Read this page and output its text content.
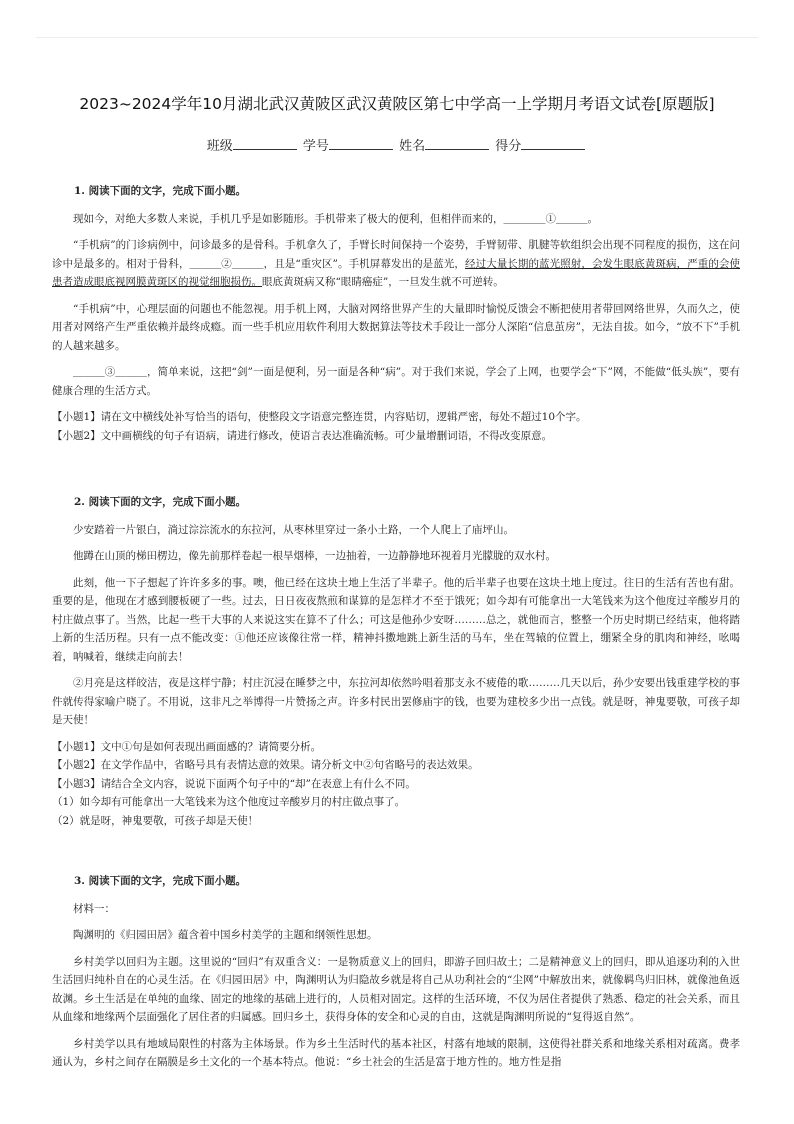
2023~2024学年10月湖北武汉黄陂区武汉黄陂区第七中学高一上学期月考语文试卷[原题版]
班级	学号	姓名	得分

1. 阅读下面的文字，完成下面小题。

现如今，对绝大多数人来说，手机几乎是如影随形。手机带来了极大的便利，但相伴而来的，＿＿＿＿①＿＿＿。

“手机病”的门诊病例中，问诊最多的是骨科。手机拿久了，手臂长时间保持一个姿势，手臂韧带、肌腱等软组织会出现不同程度的损伤，这在问诊中是最多的。相对于骨科，＿＿＿②＿＿＿，且是“重灾区”。手机屏幕发出的是蓝光，经过大量长期的蓝光照射，会发生眼底黄斑病，严重的会使患者造成眼底视网膜黄斑区的视觉细胞损伤。眼底黄斑病又称“眼睛癌症”，一旦发生就不可逆转。

“手机病”中，心理层面的问题也不能忽视。用手机上网，大脑对网络世界产生的大量即时愉悦反馈会不断把使用者带回网络世界，久而久之，使用者对网络产生严重依赖并最终成瘾。而一些手机应用软件利用大数据算法等技术手段让一部分人深陷“信息茧房”，无法自拔。如今，“放不下”手机的人越来越多。

＿＿＿③＿＿＿，简单来说，这把“剑”一面是便利，另一面是各种“病”。对于我们来说，学会了上网，也要学会“下”网，不能做“低头族”，要有健康合理的生活方式。

【小题1】请在文中横线处补写恰当的语句，使整段文字语意完整连贯，内容贴切，逻辑严密，每处不超过10个字。

【小题2】文中画横线的句子有语病，请进行修改，使语言表达准确流畅。可少量增删词语，不得改变原意。

2. 阅读下面的文字，完成下面小题。

少安踏着一片银白，淌过淙淙流水的东拉河，从枣林里穿过一条小土路，一个人爬上了庙坪山。

他蹲在山顶的梯田楞边，像先前那样卷起一根旱烟棒，一边抽着，一边静静地环视着月光朦胧的双水村。

此刻，他一下子想起了许许多多的事。噢，他已经在这块土地上生活了半辈子。他的后半辈子也要在这块土地上度过。往日的生活有苦也有甜。重要的是，他现在才感到腰板硬了一些。过去，日日夜夜熬煎和谋算的是怎样才不至于饿死；如今却有可能拿出一大笔钱来为这个他度过辛酸岁月的村庄做点事了。当然，比起一些干大事的人来说这实在算不了什么；可这是他孙少安呀………总之，就他而言，整整一个历史时期已经结束，他将踏上新的生活历程。只有一点不能改变：①他还应该像往常一样，精神抖擞地跳上新生活的马车，坐在驾辕的位置上，绷紧全身的肌肉和神经，吆喝着，呐喊着，继续走向前去！

②月亮是这样皎洁，夜是这样宁静；村庄沉浸在睡梦之中，东拉河却依然吟唱着那支永不疲倦的歌………几天以后，孙少安要出钱重建学校的事件就传得家喻户晓了。不用说，这非凡之举博得一片赞扬之声。许多村民出罢修庙宇的钱，也要为建校多少出一点钱。就是呀，神鬼要敬，可孩子却是天使！

【小题1】文中①句是如何表现出画面感的？请简要分析。

【小题2】在文学作品中，省略号具有表情达意的效果。请分析文中②句省略号的表达效果。

【小题3】请结合全文内容，说说下面两个句子中的“却”在表意上有什么不同。

（1）如今却有可能拿出一大笔钱来为这个他度过辛酸岁月的村庄做点事了。

（2）就是呀，神鬼要敬，可孩子却是天使！

3. 阅读下面的文字，完成下面小题。

材料一：

陶渊明的《归园田居》蕴含着中国乡村美学的主题和纲领性思想。

乡村美学以回归为主题。这里说的“回归”有双重含义：一是物质意义上的回归，即游子回归故土；二是精神意义上的回归，即从追逐功利的入世生活回归纯朴自在的心灵生活。在《归园田居》中，陶渊明认为归隐故乡就是将自己从功利社会的“尘网”中解放出来，就像羁鸟归旧林，就像池鱼返故渊。乡土生活是在单纯的血缘、固定的地缘的基础上进行的，人员相对固定。这样的生活环境，不仅为居住者提供了熟悉、稳定的社会关系，而且从血缘和地缘两个层面强化了居住者的归属感。回归乡土，获得身体的安全和心灵的自由，这就是陶渊明所说的“复得返自然”。

乡村美学以具有地域局限性的村落为主体场景。作为乡土生活时代的基本社区，村落有地域的限制，这使得社群关系和地缘关系相对疏离。费孝通认为，乡村之间存在隔膜是乡土文化的一个基本特点。他说：“乡土社会的生活是富于地方性的。地方性是指
